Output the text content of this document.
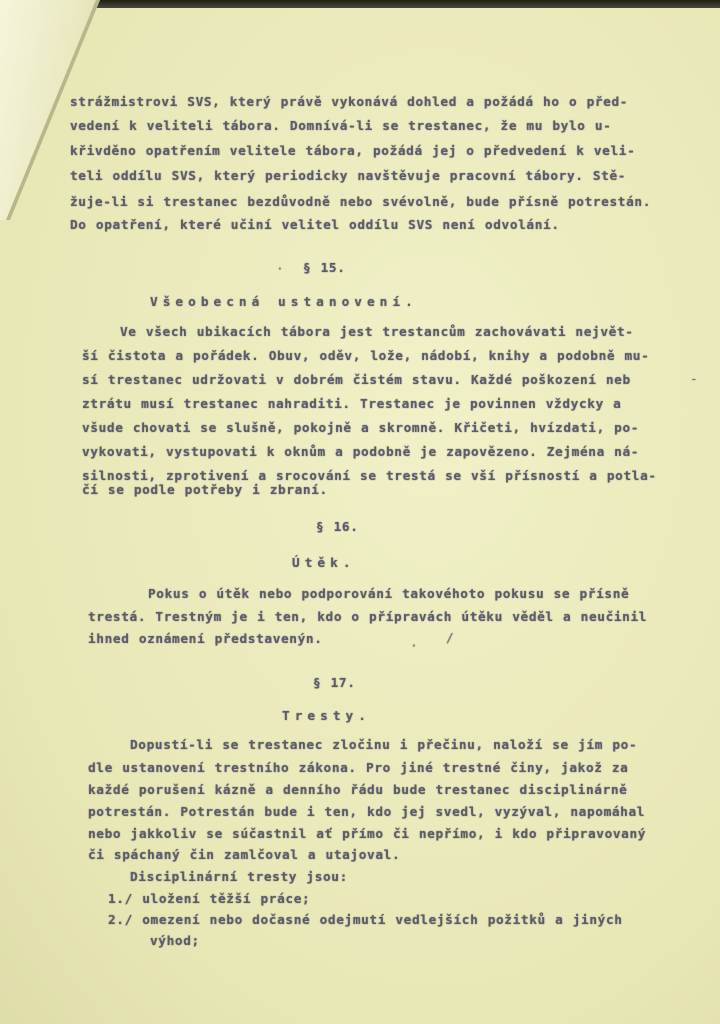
strážmistrovi SVS, který právě vykonává dohled a požádá ho o před-
vedení k veliteli tábora. Domnívá-li se trestanec, že mu bylo u-
křivděno opatřením velitele tábora, požádá jej o předvedení k veli-
teli oddílu SVS, který periodicky navštěvuje pracovní tábory. Stě-
žuje-li si trestanec bezdůvodně nebo svévolně, bude přísně potrestán.
Do opatření, které učiní velitel oddílu SVS není odvolání.
§ 15.
Všeobecná ustanovení.
Ve všech ubikacích tábora jest trestancům zachovávati největ-
ší čistota a pořádek. Obuv, oděv, lože, nádobí, knihy a podobně mu-
sí trestanec udržovati v dobrém čistém stavu. Každé poškození neb
ztrátu musí trestanec nahraditi. Trestanec je povinnen vždycky a
všude chovati se slušně, pokojně a skromně. Křičeti, hvízdati, po-
vykovati, vystupovati k oknům a podobně je zapovězeno. Zejména ná-
silnosti, zprotivení a srocování se trestá se vší přísností a potla-
čí se podle potřeby i zbraní.
§ 16.
Útěk.
Pokus o útěk nebo podporování takovéhoto pokusu se přísně
trestá. Trestným je i ten, kdo o přípravách útěku věděl a neučinil
ihned oznámení představenýn.
§ 17.
Tresty.
Dopustí-li se trestanec zločinu i přečinu, naloží se jím po-
dle ustanovení trestního zákona. Pro jiné trestné činy, jakož za
každé porušení kázně a denního řádu bude trestanec disciplinárně
potrestán. Potrestán bude i ten, kdo jej svedl, vyzýval, napomáhal
nebo jakkoliv se súčastnil ať přímo či nepřímo, i kdo připravovaný
či spáchaný čin zamlčoval a utajoval.
Disciplinární tresty jsou:
1./ uložení těžší práce;
2./ omezení nebo dočasné odejmutí vedlejších požitků a jiných
výhod;
·
-
·
/
